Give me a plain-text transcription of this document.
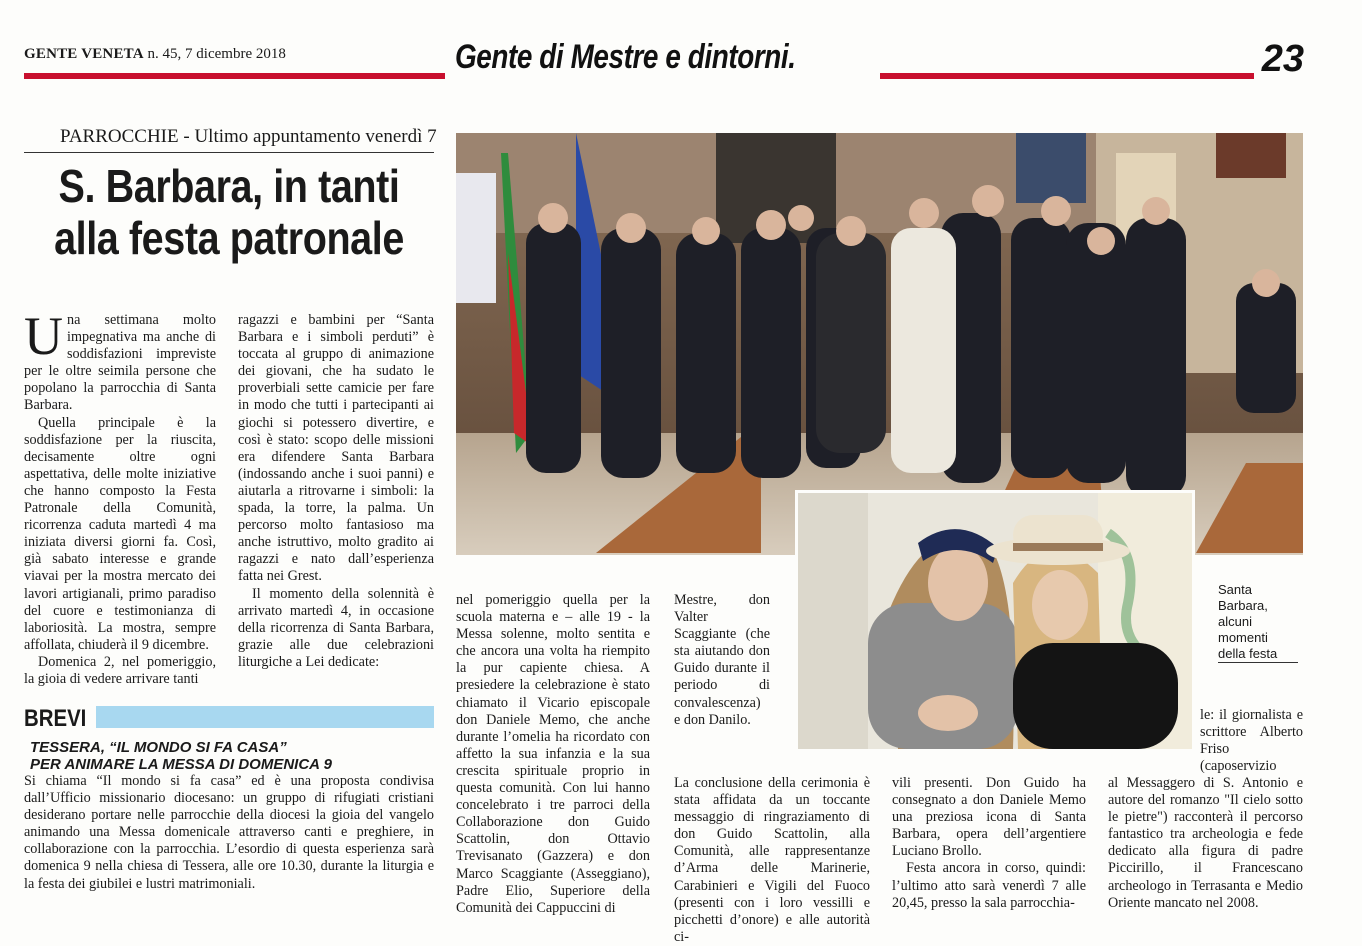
GENTE VENETA n. 45, 7 dicembre 2018	Gente di Mestre e dintorni.	23
PARROCCHIE - Ultimo appuntamento venerdì 7
S. Barbara, in tanti
alla festa patronale

Una settimana molto impegnativa ma anche di soddisfazioni impreviste per le oltre seimila persone che popolano la parrocchia di Santa Barbara.

Quella principale è la soddisfazione per la riuscita, decisamente oltre ogni aspettativa, delle molte iniziative che hanno composto la Festa Patronale della Comunità, ricorrenza caduta martedì 4 ma iniziata diversi giorni fa. Così, già sabato interesse e grande viavai per la mostra mercato dei lavori artigianali, primo paradiso del cuore e testimonianza di laboriosità. La mostra, sempre affollata, chiuderà il 9 dicembre.

Domenica 2, nel pomeriggio, la gioia di vedere arrivare tanti

ragazzi e bambini per “Santa Barbara e i simboli perduti” è toccata al gruppo di animazione dei giovani, che ha sudato le proverbiali sette camicie per fare in modo che tutti i partecipanti ai giochi si potessero divertire, e così è stato: scopo delle missioni era difendere Santa Barbara (indossando anche i suoi panni) e aiutarla a ritrovarne i simboli: la spada, la torre, la palma. Un percorso molto fantasioso ma anche istruttivo, molto gradito ai ragazzi e nato dall’esperienza fatta nei Grest.

Il momento della solennità è arrivato martedì 4, in occasione della ricorrenza di Santa Barbara, grazie alle due celebrazioni liturgiche a Lei dedicate:

Santa Barbara, alcuni momenti della festa

nel pomeriggio quella per la scuola materna e – alle 19 - la Messa solenne, molto sentita e che ancora una volta ha riempito la pur capiente chiesa. A presiedere la celebrazione è stato chiamato il Vicario episcopale don Daniele Memo, che anche durante l’omelia ha ricordato con affetto la sua infanzia e la sua crescita spirituale proprio in questa comunità. Con lui hanno concelebrato i tre parroci della Collaborazione don Guido Scattolin, don Ottavio Trevisanato (Gazzera) e don Marco Scaggiante (Asseggiano), Padre Elio, Superiore della Comunità dei Cappuccini di

Mestre, don Valter Scaggiante (che sta aiutando don Guido durante il periodo di convalescenza) e don Danilo.

La conclusione della cerimonia è stata affidata da un toccante messaggio di ringraziamento di don Guido Scattolin, alla Comunità, alle rappresentanze d’Arma delle Marinerie, Carabinieri e Vigili del Fuoco (presenti con i loro vessilli e picchetti d’onore) e alle autorità ci-

vili presenti. Don Guido ha consegnato a don Daniele Memo una preziosa icona di Santa Barbara, opera dell’argentiere Luciano Brollo.

Festa ancora in corso, quindi: l’ultimo atto sarà venerdì 7 alle 20,45, presso la sala parrocchia-

le: il giornalista e scrittore Alberto Friso (caposervizio

al Messaggero di S. Antonio e autore del romanzo "Il cielo sotto le pietre") racconterà il percorso fantastico tra archeologia e fede dedicato alla figura di padre Piccirillo, il Francescano archeologo in Terrasanta e Medio Oriente mancato nel 2008.

BREVI
TESSERA, “IL MONDO SI FA CASA”
PER ANIMARE LA MESSA DI DOMENICA 9
Si chiama “Il mondo si fa casa” ed è una proposta condivisa dall’Ufficio missionario diocesano: un gruppo di rifugiati cristiani desiderano portare nelle parrocchie della diocesi la gioia del vangelo animando una Messa domenicale attraverso canti e preghiere, in collaborazione con la parrocchia. L’esordio di questa esperienza sarà domenica 9 nella chiesa di Tessera, alle ore 10.30, durante la liturgia e la festa dei giubilei e lustri matrimoniali.
